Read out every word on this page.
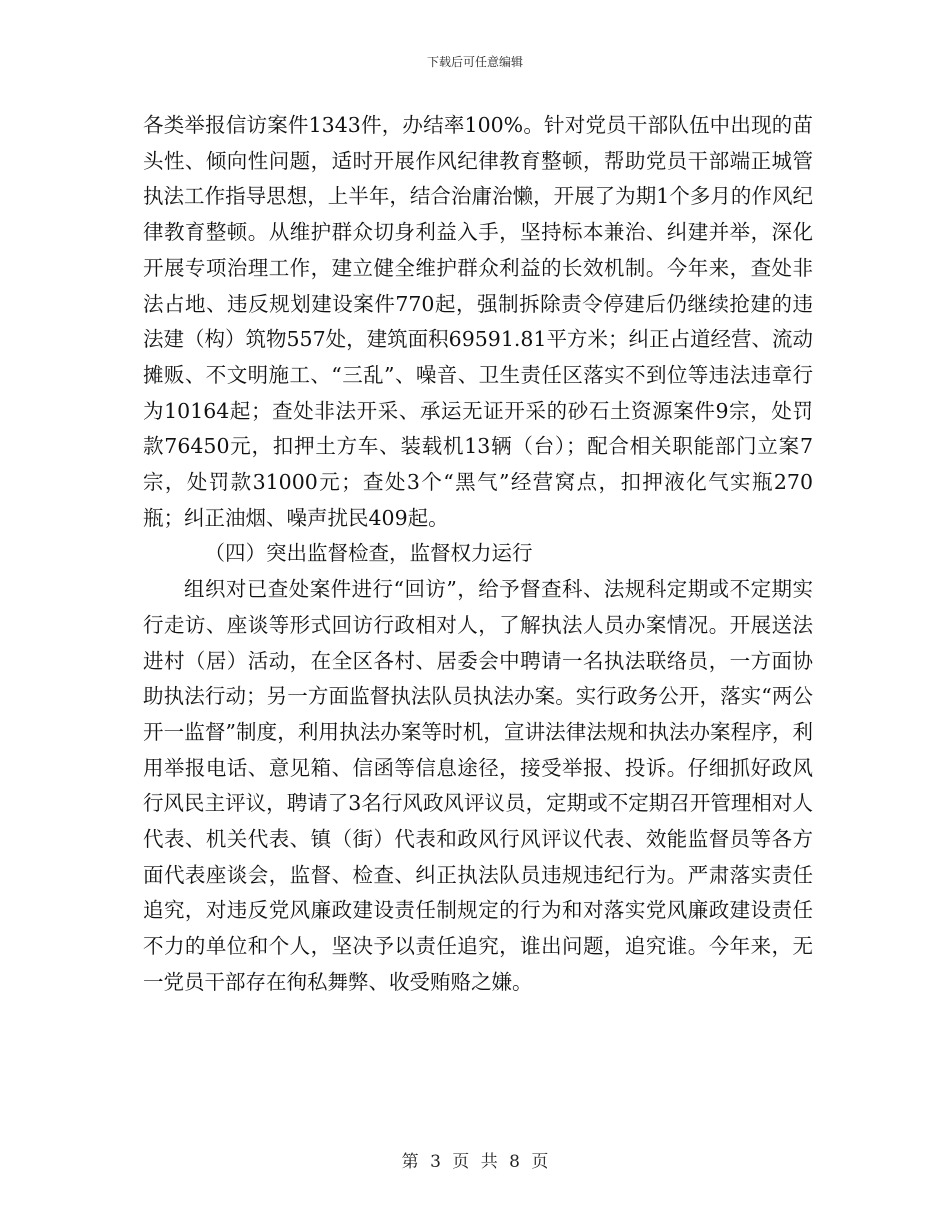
下载后可任意编辑

各类举报信访案件1343件，办结率100%。针对党员干部队伍中出现的苗头性、倾向性问题，适时开展作风纪律教育整顿，帮助党员干部端正城管执法工作指导思想，上半年，结合治庸治懒，开展了为期1个多月的作风纪律教育整顿。从维护群众切身利益入手，坚持标本兼治、纠建并举，深化开展专项治理工作，建立健全维护群众利益的长效机制。今年来，查处非法占地、违反规划建设案件770起，强制拆除责令停建后仍继续抢建的违法建（构）筑物557处，建筑面积69591.81平方米；纠正占道经营、流动摊贩、不文明施工、“三乱”、噪音、卫生责任区落实不到位等违法违章行为10164起；查处非法开采、承运无证开采的砂石土资源案件9宗，处罚款76450元，扣押土方车、装载机13辆（台）；配合相关职能部门立案7宗，处罚款31000元；查处3个“黑气”经营窝点，扣押液化气实瓶270瓶；纠正油烟、噪声扰民409起。

（四）突出监督检查，监督权力运行

组织对已查处案件进行“回访”，给予督查科、法规科定期或不定期实行走访、座谈等形式回访行政相对人，了解执法人员办案情况。开展送法进村（居）活动，在全区各村、居委会中聘请一名执法联络员，一方面协助执法行动；另一方面监督执法队员执法办案。实行政务公开，落实“两公开一监督”制度，利用执法办案等时机，宣讲法律法规和执法办案程序，利用举报电话、意见箱、信函等信息途径，接受举报、投诉。仔细抓好政风行风民主评议，聘请了3名行风政风评议员，定期或不定期召开管理相对人代表、机关代表、镇（街）代表和政风行风评议代表、效能监督员等各方面代表座谈会，监督、检查、纠正执法队员违规违纪行为。严肃落实责任追究，对违反党风廉政建设责任制规定的行为和对落实党风廉政建设责任不力的单位和个人，坚决予以责任追究，谁出问题，追究谁。今年来，无一党员干部存在徇私舞弊、收受贿赂之嫌。

第 3 页 共 8 页
